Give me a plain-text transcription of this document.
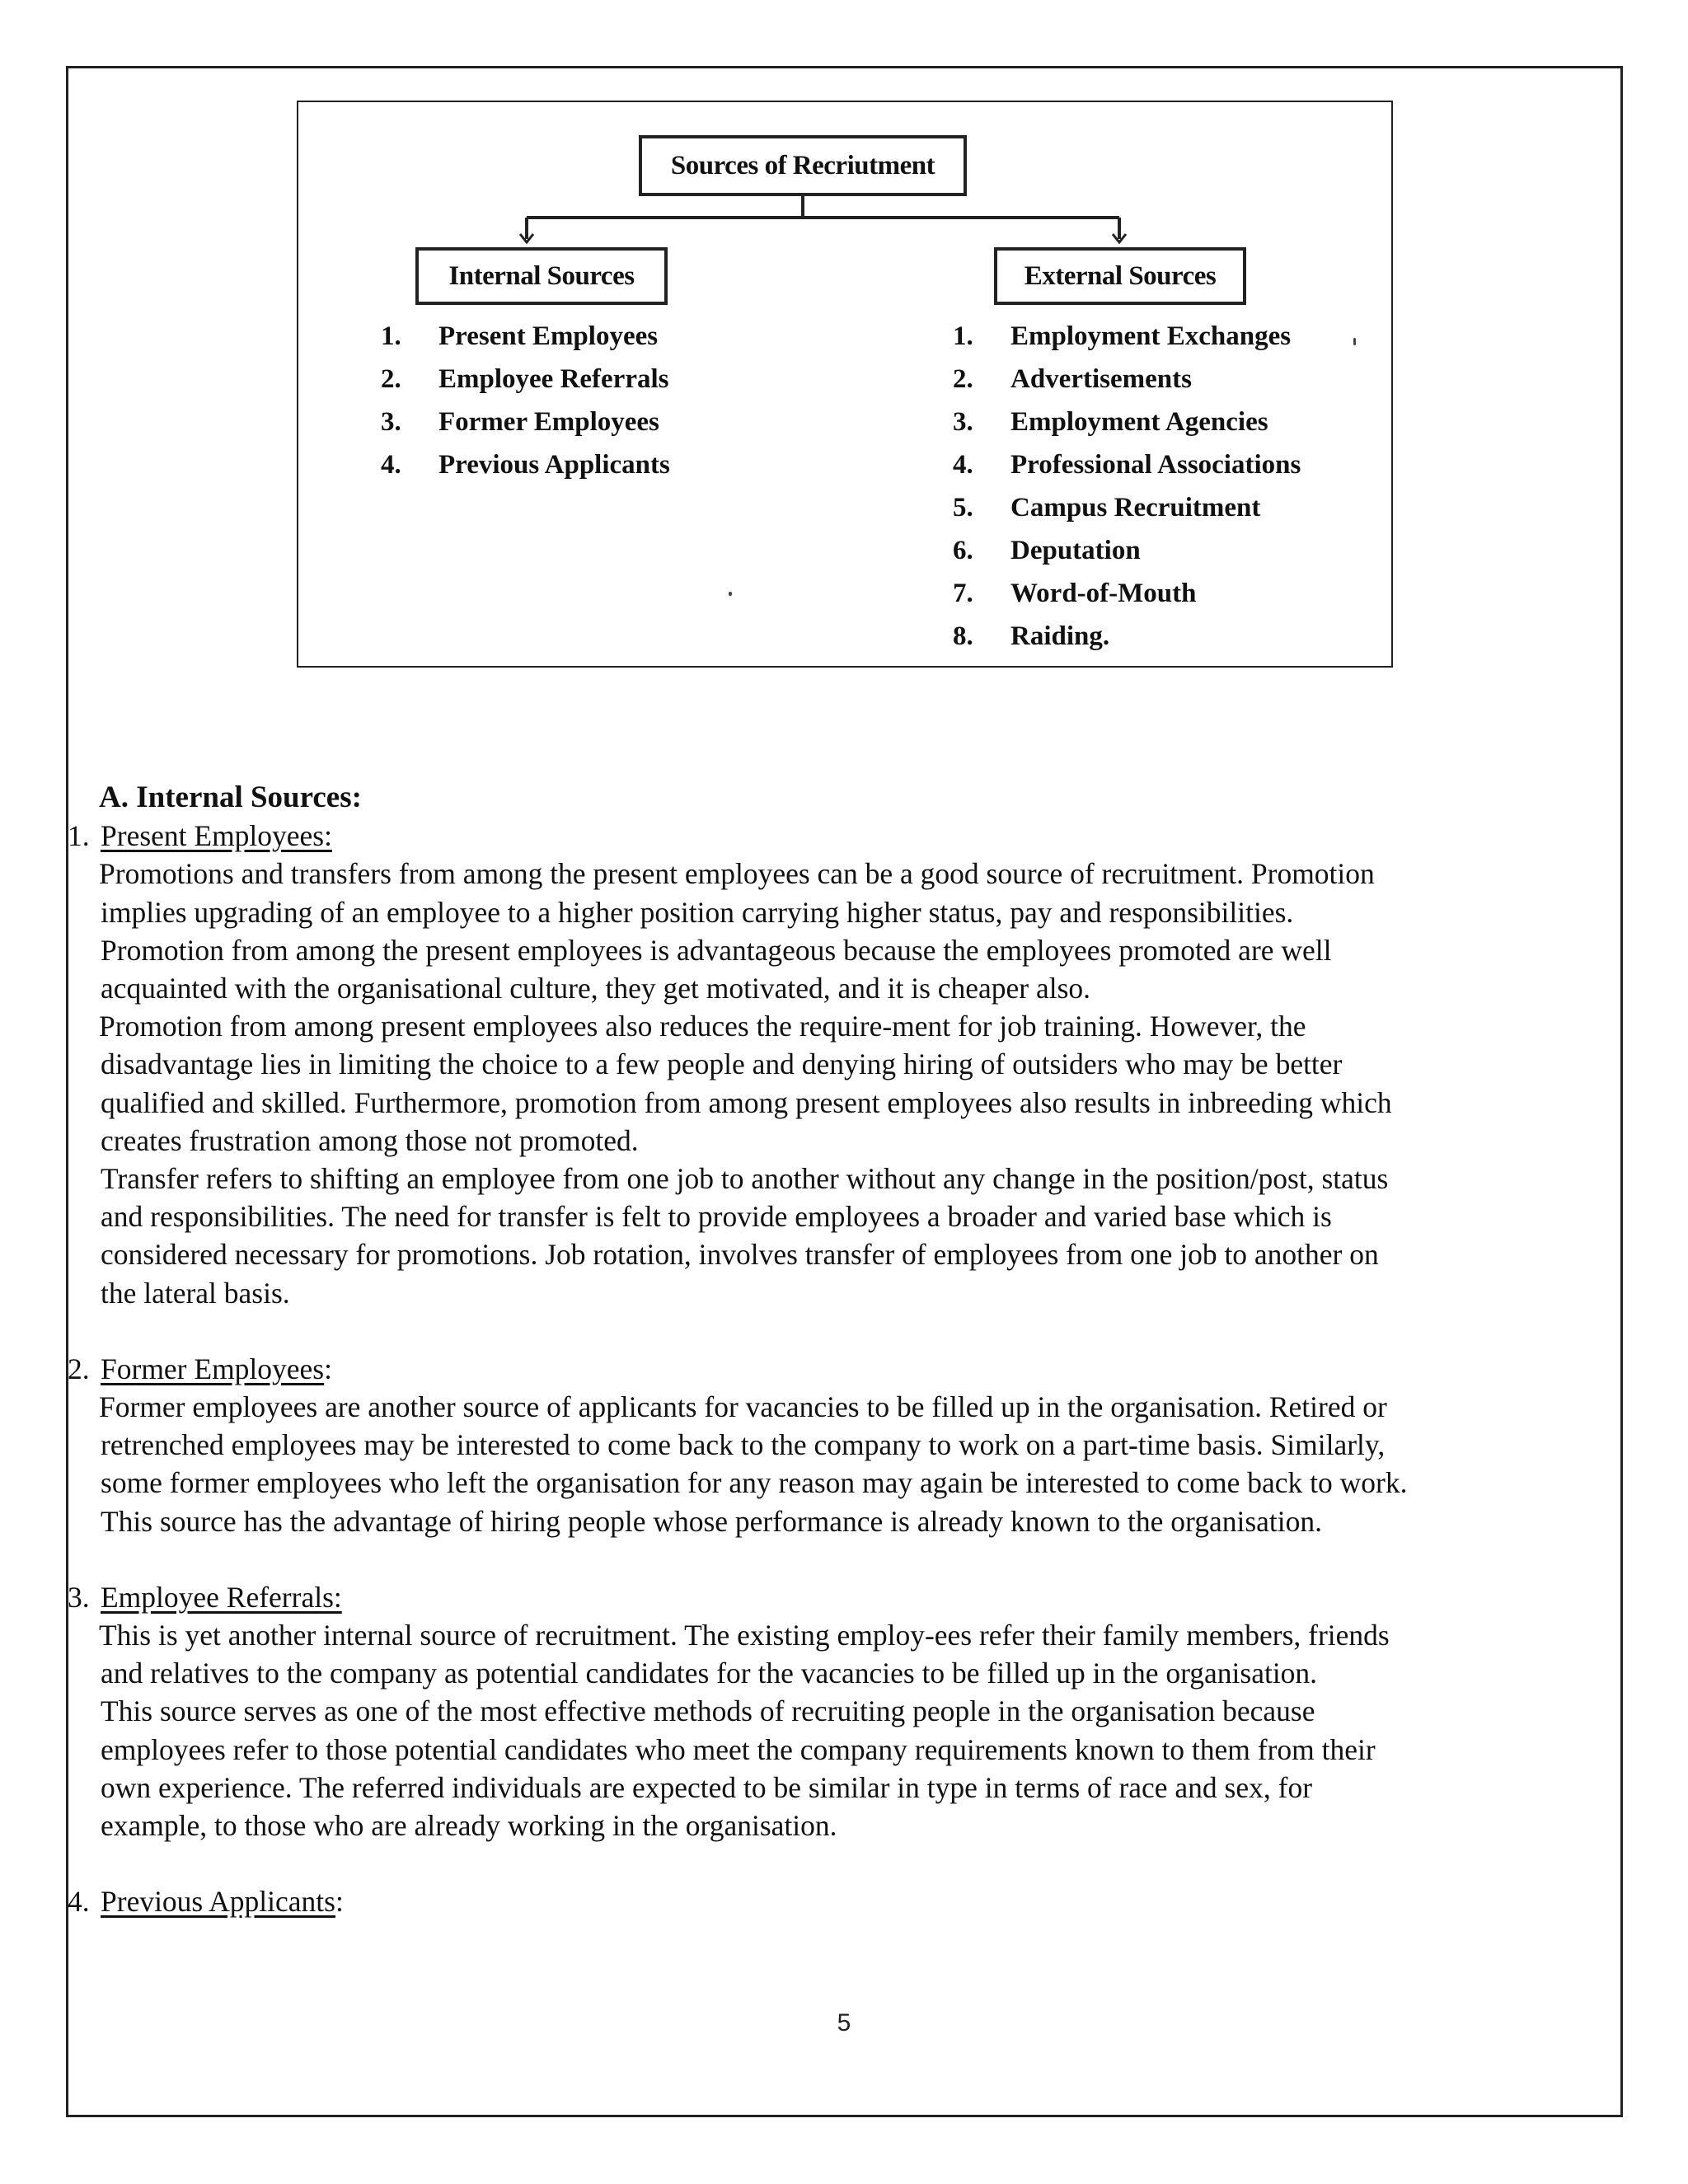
Sources of Recriutment
Internal Sources	External Sources
1.	Present Employees
2.	Employee Referrals
3.	Former Employees
4.	Previous Applicants
1.	Employment Exchanges
2.	Advertisements
3.	Employment Agencies
4.	Professional Associations
5.	Campus Recruitment
6.	Deputation
7.	Word-of-Mouth
8.	Raiding.
A. Internal Sources:
1. Present Employees:
Promotions and transfers from among the present employees can be a good source of recruitment. Promotion
implies upgrading of an employee to a higher position carrying higher status, pay and responsibilities.
Promotion from among the present employees is advantageous because the employees promoted are well
acquainted with the organisational culture, they get motivated, and it is cheaper also.
Promotion from among present employees also reduces the require-ment for job training. However, the
disadvantage lies in limiting the choice to a few people and denying hiring of outsiders who may be better
qualified and skilled. Furthermore, promotion from among present employees also results in inbreeding which
creates frustration among those not promoted.
Transfer refers to shifting an employee from one job to another without any change in the position/post, status
and responsibilities. The need for transfer is felt to provide employees a broader and varied base which is
considered necessary for promotions. Job rotation, involves transfer of employees from one job to another on
the lateral basis.
2. Former Employees:
Former employees are another source of applicants for vacancies to be filled up in the organisation. Retired or
retrenched employees may be interested to come back to the company to work on a part-time basis. Similarly,
some former employees who left the organisation for any reason may again be interested to come back to work.
This source has the advantage of hiring people whose performance is already known to the organisation.
3. Employee Referrals:
This is yet another internal source of recruitment. The existing employ-ees refer their family members, friends
and relatives to the company as potential candidates for the vacancies to be filled up in the organisation.
This source serves as one of the most effective methods of recruiting people in the organisation because
employees refer to those potential candidates who meet the company requirements known to them from their
own experience. The referred individuals are expected to be similar in type in terms of race and sex, for
example, to those who are already working in the organisation.
4. Previous Applicants:
5
